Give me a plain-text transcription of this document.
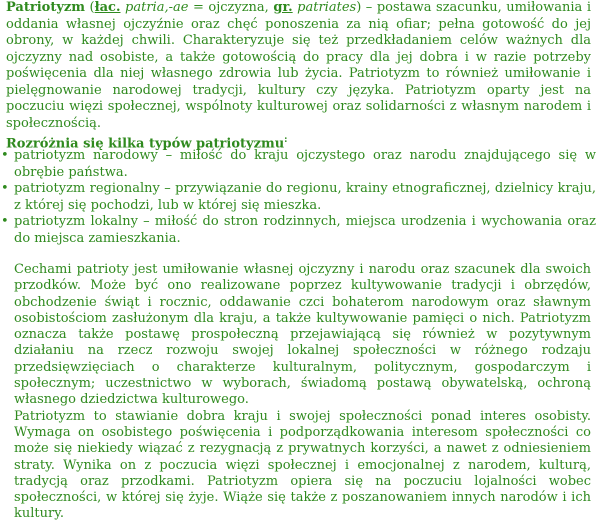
Patriotyzm (łac. patria,-ae = ojczyzna, gr. patriates) – postawa szacunku, umiłowania i oddania własnej ojczyźnie oraz chęć ponoszenia za nią ofiar; pełna gotowość do jej obrony, w każdej chwili. Charakteryzuje się też przedkładaniem celów ważnych dla ojczyzny nad osobiste, a także gotowością do pracy dla jej dobra i w razie potrzeby poświęcenia dla niej własnego zdrowia lub życia. Patriotyzm to również umiłowanie i pielęgnowanie narodowej tradycji, kultury czy języka. Patriotyzm oparty jest na poczuciu więzi społecznej, wspólnoty kulturowej oraz solidarności z własnym narodem i społecznością.

Rozróżnia się kilka typów patriotyzmu:

• patriotyzm narodowy – miłość do kraju ojczystego oraz narodu znajdującego się w obrębie państwa.

• patriotyzm regionalny – przywiązanie do regionu, krainy etnograficznej, dzielnicy kraju, z której się pochodzi, lub w której się mieszka.

• patriotyzm lokalny – miłość do stron rodzinnych, miejsca urodzenia i wychowania oraz do miejsca zamieszkania.

Cechami patrioty jest umiłowanie własnej ojczyzny i narodu oraz szacunek dla swoich przodków. Może być ono realizowane poprzez kultywowanie tradycji i obrzędów, obchodzenie świąt i rocznic, oddawanie czci bohaterom narodowym oraz sławnym osobistościom zasłużonym dla kraju, a także kultywowanie pamięci o nich. Patriotyzm oznacza także postawę prospołeczną przejawiającą się również w pozytywnym działaniu na rzecz rozwoju swojej lokalnej społeczności w różnego rodzaju przedsięwzięciach o charakterze kulturalnym, politycznym, gospodarczym i społecznym; uczestnictwo w wyborach, świadomą postawą obywatelską, ochroną własnego dziedzictwa kulturowego.

Patriotyzm to stawianie dobra kraju i swojej społeczności ponad interes osobisty. Wymaga on osobistego poświęcenia i podporządkowania interesom społeczności co może się niekiedy wiązać z rezygnacją z prywatnych korzyści, a nawet z odniesieniem straty. Wynika on z poczucia więzi społecznej i emocjonalnej z narodem, kulturą, tradycją oraz przodkami. Patriotyzm opiera się na poczuciu lojalności wobec społeczności, w której się żyje. Wiąże się także z poszanowaniem innych narodów i ich kultury.
